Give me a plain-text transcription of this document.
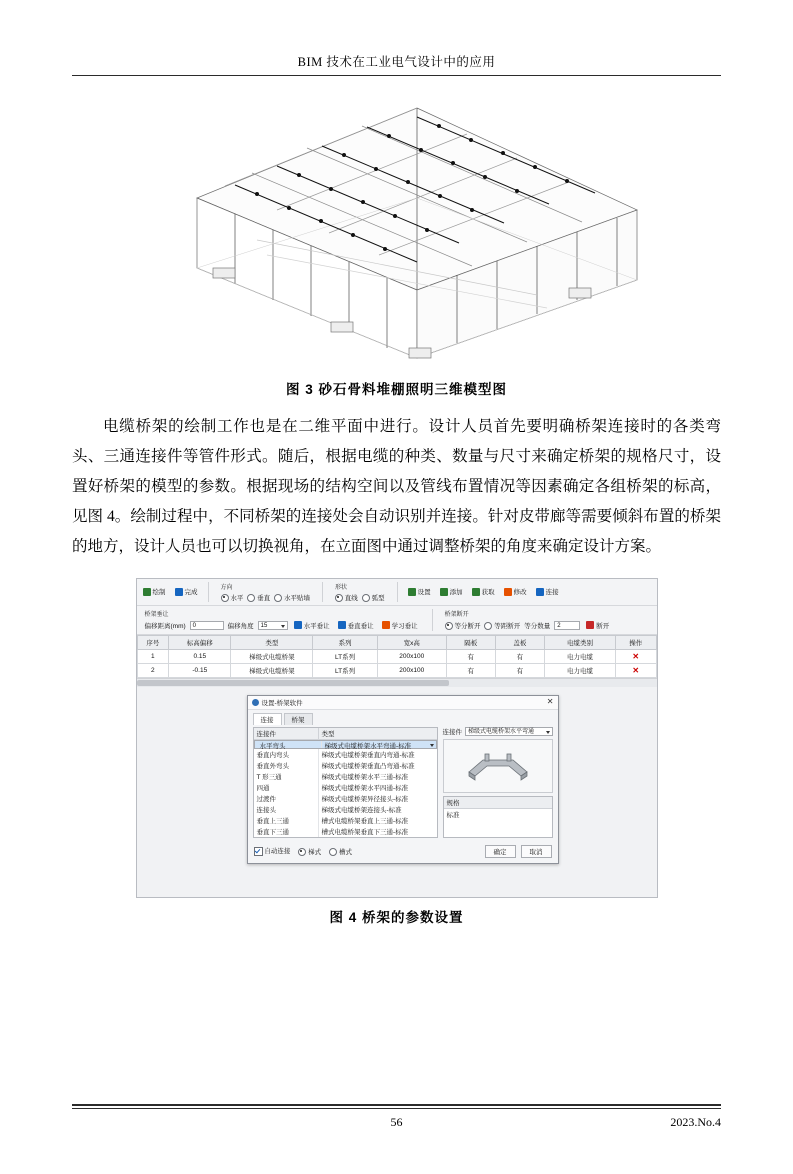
BIM 技术在工业电气设计中的应用
图 3 砂石骨料堆棚照明三维模型图

电缆桥架的绘制工作也是在二维平面中进行。设计人员首先要明确桥架连接时的各类弯头、三通连接件等管件形式。随后，根据电缆的种类、数量与尺寸来确定桥架的规格尺寸，设置好桥架的模型的参数。根据现场的结构空间以及管线布置情况等因素确定各组桥架的标高，见图 4。绘制过程中，不同桥架的连接处会自动识别并连接。针对皮带廊等需要倾斜布置的桥架的地方，设计人员也可以切换视角，在立面图中通过调整桥架的角度来确定设计方案。

绘制	完成
方向
水平	垂直	水平贴墙
形状
直线	弧型
设置	添加	获取	修改	连接
桥架垂让
偏移距离(mm)	0	偏移角度	15	水平垂让	垂直垂让	学习垂让
桥架断开
等分断开	等距断开 等分数量	2	断开
序号	标高偏移	类型	系列	宽x高	隔板	盖板	电缆类别	操作
1	0.15	梯级式电缆桥架	LT系列	200x100	有	有	电力电缆	✕
2	-0.15	梯级式电缆桥架	LT系列	200x100	有	有	电力电缆	✕
设置-桥架软件	✕
连接	桥架
连接件	类型
水平弯头	梯级式电缆桥架水平弯通-标准
垂直内弯头	梯级式电缆桥架垂直内弯通-标准
垂直外弯头	梯级式电缆桥架垂直凸弯通-标准
T 形三通	梯级式电缆桥架水平三通-标准
四通	梯级式电缆桥架水平四通-标准
过渡件	梯级式电缆桥架异径接头-标准
连接头	梯级式电缆桥架连接头-标准
垂直上三通	槽式电缆桥架垂直上三通-标准
垂直下三通	槽式电缆桥架垂直下三通-标准
连接件	梯级式电缆桥架水平弯通
规格
标准
自动连接	梯式	槽式	确定	取消
图 4 桥架的参数设置
56	2023.No.4
